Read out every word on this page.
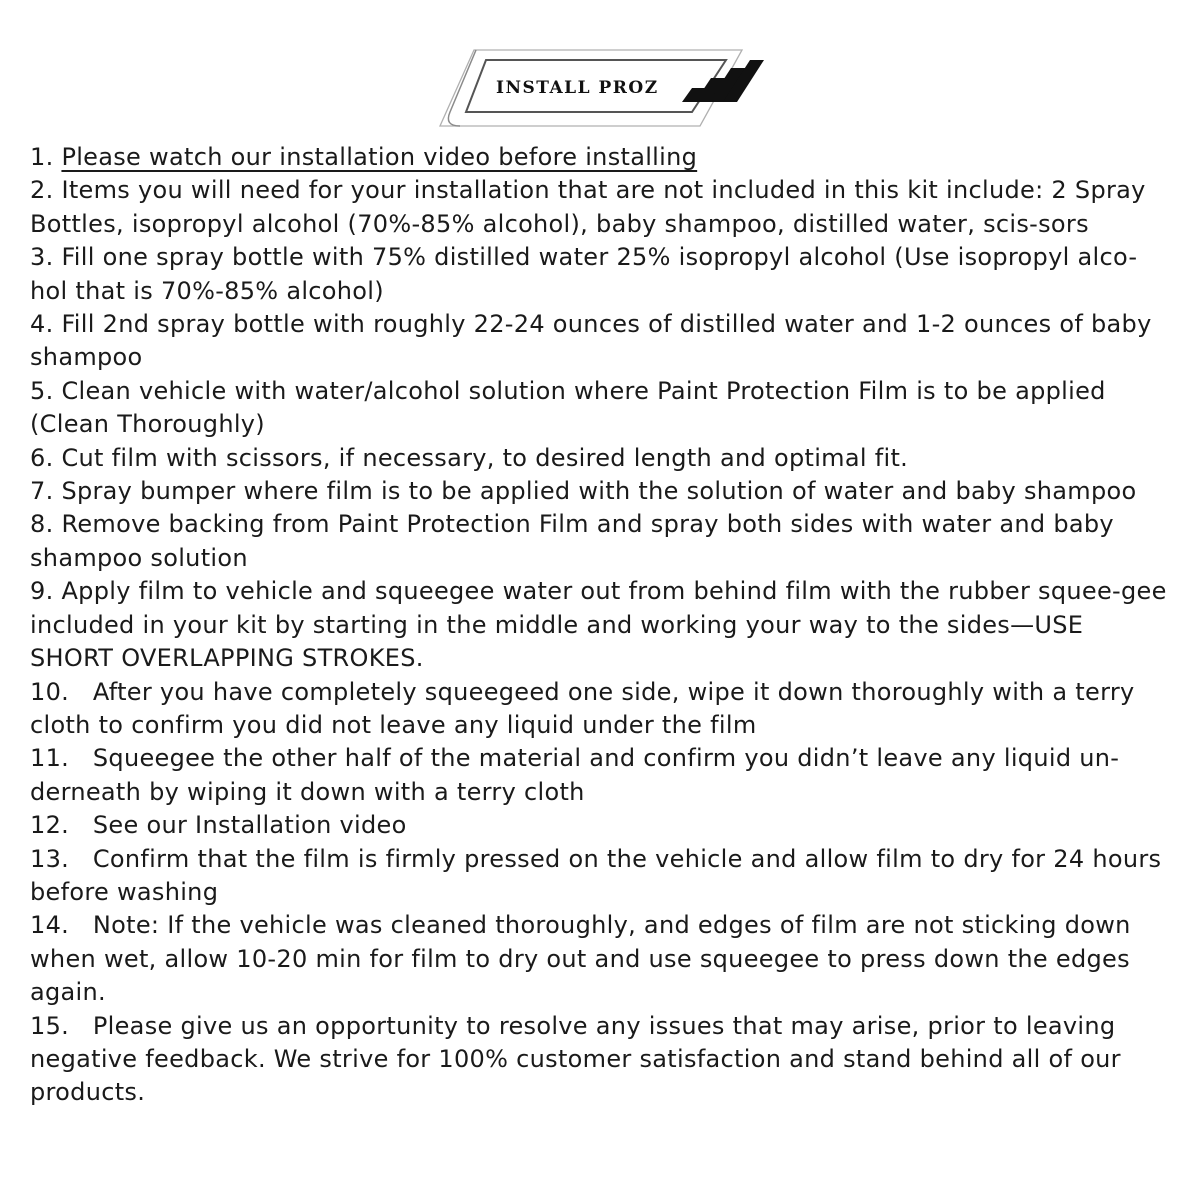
INSTALL PROZ

1. Please watch our installation video before installing

2. Items you will need for your installation that are not included in this kit include: 2 Spray Bottles, isopropyl alcohol (70%-85% alcohol), baby shampoo, distilled water, scis-sors

3. Fill one spray bottle with 75% distilled water 25% isopropyl alcohol (Use isopropyl alco-hol that is 70%-85% alcohol)

4. Fill 2nd spray bottle with roughly 22-24 ounces of distilled water and 1-2 ounces of baby shampoo

5. Clean vehicle with water/alcohol solution where Paint Protection Film is to be applied (Clean Thoroughly)

6. Cut film with scissors, if necessary, to desired length and optimal fit.

7. Spray bumper where film is to be applied with the solution of water and baby shampoo

8. Remove backing from Paint Protection Film and spray both sides with water and baby shampoo solution

9. Apply film to vehicle and squeegee water out from behind film with the rubber squee-gee included in your kit by starting in the middle and working your way to the sides—USE SHORT OVERLAPPING STROKES.

10. After you have completely squeegeed one side, wipe it down thoroughly with a terry cloth to confirm you did not leave any liquid under the film

11. Squeegee the other half of the material and confirm you didn’t leave any liquid un-derneath by wiping it down with a terry cloth

12. See our Installation video

13. Confirm that the film is firmly pressed on the vehicle and allow film to dry for 24 hours before washing

14. Note: If the vehicle was cleaned thoroughly, and edges of film are not sticking down when wet, allow 10-20 min for film to dry out and use squeegee to press down the edges again.

15. Please give us an opportunity to resolve any issues that may arise, prior to leaving negative feedback. We strive for 100% customer satisfaction and stand behind all of our products.
